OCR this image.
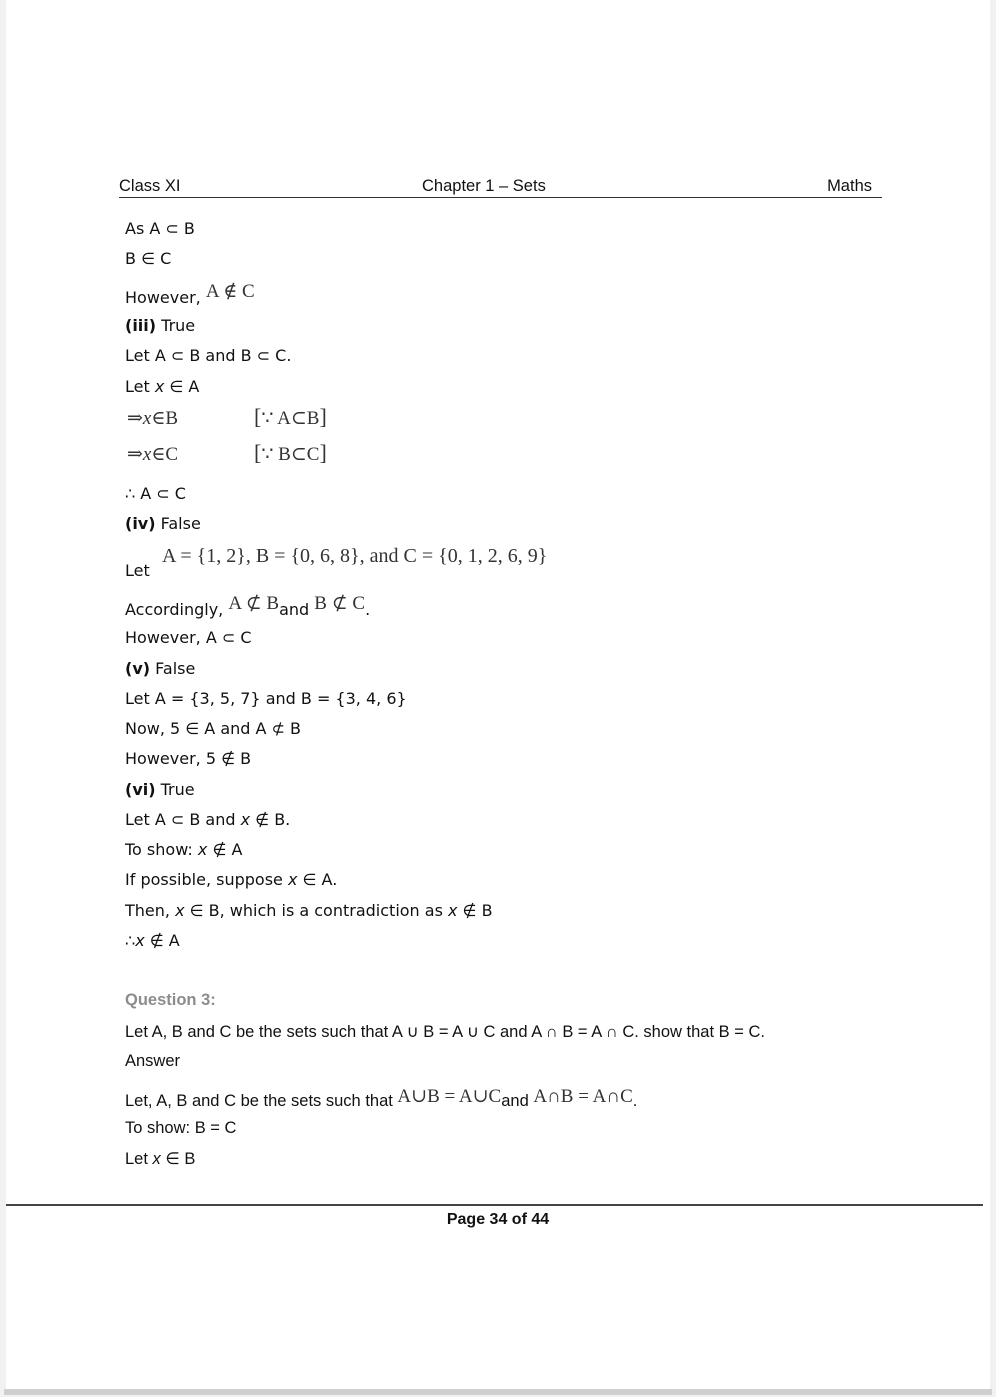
Class XI	Chapter 1 – Sets	Maths
As A ⊂ B
B ∈ C
However, A ∉ C
(iii) True
Let A ⊂ B and B ⊂ C.
Let x ∈ A
⇒x∈B	[∵ A⊂B]
⇒x∈C	[∵ B⊂C]
∴ A ⊂ C
(iv) False
Let
A = {1, 2}, B = {0, 6, 8}, and C = {0, 1, 2, 6, 9}
Accordingly, A ⊄ Band B ⊄ C.
However, A ⊂ C
(v) False
Let A = {3, 5, 7} and B = {3, 4, 6}
Now, 5 ∈ A and A ⊄ B
However, 5 ∉ B
(vi) True
Let A ⊂ B and x ∉ B.
To show: x ∉ A
If possible, suppose x ∈ A.
Then, x ∈ B, which is a contradiction as x ∉ B
∴x ∉ A
Question 3:
Let A, B and C be the sets such that A ∪ B = A ∪ C and A ∩ B = A ∩ C. show that B = C.
Answer
Let, A, B and C be the sets such that A∪B = A∪Cand A∩B = A∩C.
To show: B = C
Let x ∈ B
Page 34 of 44
